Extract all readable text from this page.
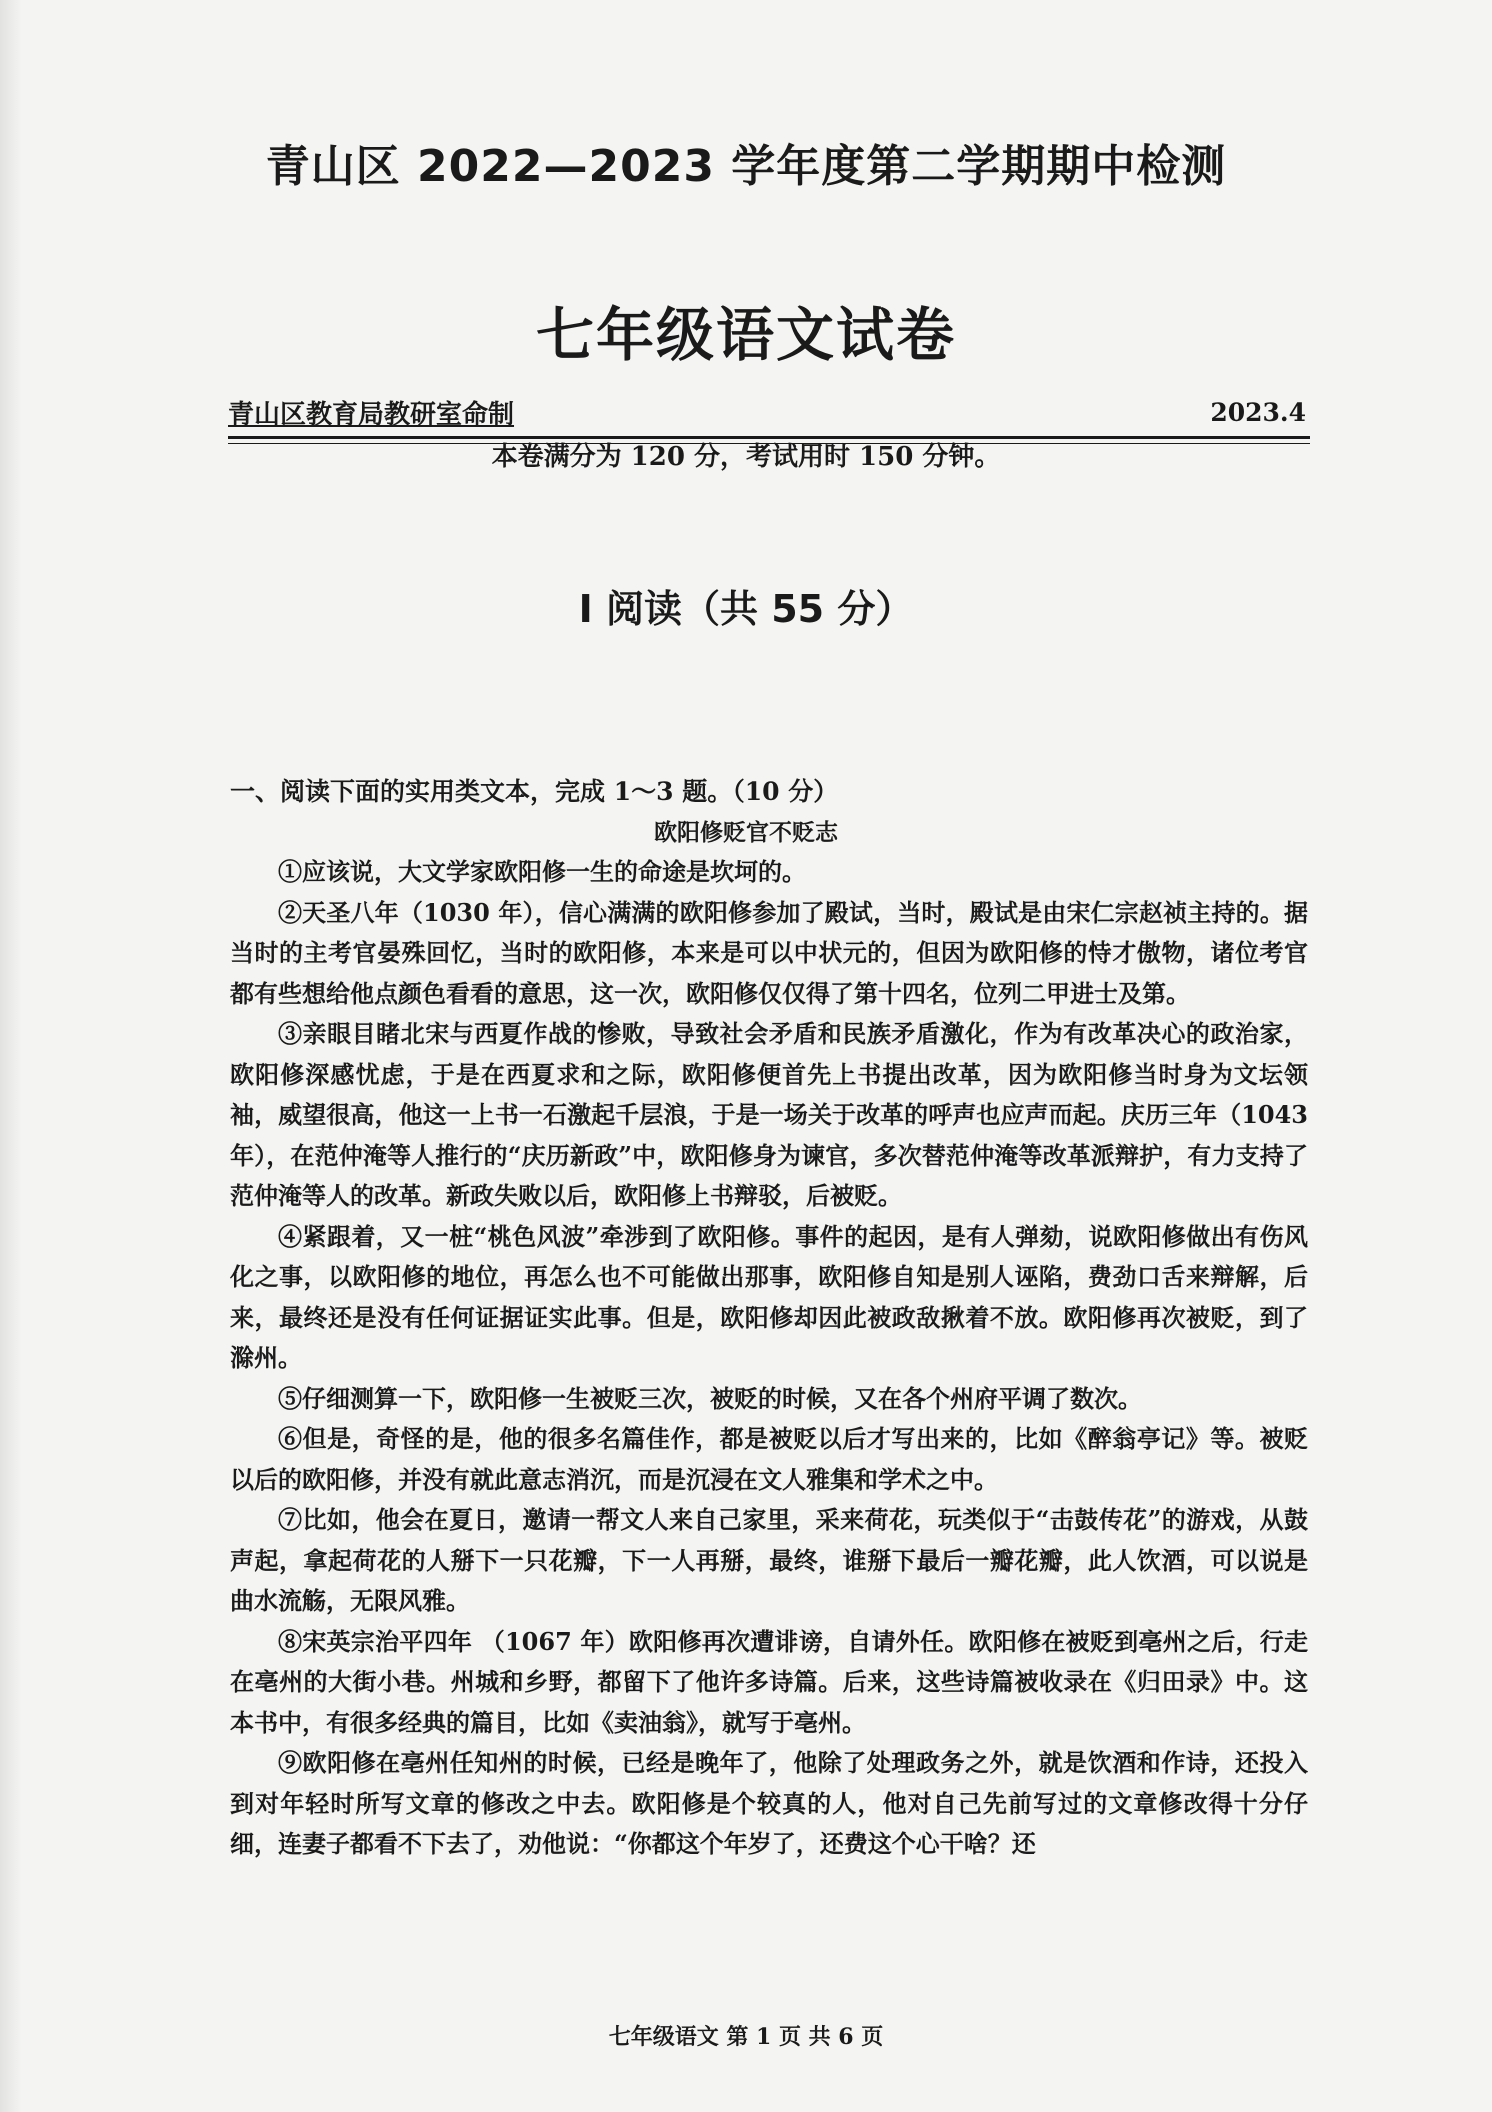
青山区 2022—2023 学年度第二学期期中检测
七年级语文试卷
青山区教育局教研室命制	2023.4
本卷满分为 120 分，考试用时 150 分钟。
I 阅读（共 55 分）
一、阅读下面的实用类文本，完成 1～3 题。（10 分）
欧阳修贬官不贬志

①应该说，大文学家欧阳修一生的命途是坎坷的。

②天圣八年（1030 年），信心满满的欧阳修参加了殿试，当时，殿试是由宋仁宗赵祯主持的。据当时的主考官晏殊回忆，当时的欧阳修，本来是可以中状元的，但因为欧阳修的恃才傲物，诸位考官都有些想给他点颜色看看的意思，这一次，欧阳修仅仅得了第十四名，位列二甲进士及第。

③亲眼目睹北宋与西夏作战的惨败，导致社会矛盾和民族矛盾激化，作为有改革决心的政治家，欧阳修深感忧虑，于是在西夏求和之际，欧阳修便首先上书提出改革，因为欧阳修当时身为文坛领袖，威望很高，他这一上书一石激起千层浪，于是一场关于改革的呼声也应声而起。庆历三年（1043 年），在范仲淹等人推行的“庆历新政”中，欧阳修身为谏官，多次替范仲淹等改革派辩护，有力支持了范仲淹等人的改革。新政失败以后，欧阳修上书辩驳，后被贬。

④紧跟着，又一桩“桃色风波”牵涉到了欧阳修。事件的起因，是有人弹劾，说欧阳修做出有伤风化之事，以欧阳修的地位，再怎么也不可能做出那事，欧阳修自知是别人诬陷，费劲口舌来辩解，后来，最终还是没有任何证据证实此事。但是，欧阳修却因此被政敌揪着不放。欧阳修再次被贬，到了滁州。

⑤仔细测算一下，欧阳修一生被贬三次，被贬的时候，又在各个州府平调了数次。

⑥但是，奇怪的是，他的很多名篇佳作，都是被贬以后才写出来的，比如《醉翁亭记》等。被贬以后的欧阳修，并没有就此意志消沉，而是沉浸在文人雅集和学术之中。

⑦比如，他会在夏日，邀请一帮文人来自己家里，采来荷花，玩类似于“击鼓传花”的游戏，从鼓声起，拿起荷花的人掰下一只花瓣，下一人再掰，最终，谁掰下最后一瓣花瓣，此人饮酒，可以说是曲水流觞，无限风雅。

⑧宋英宗治平四年 （1067 年）欧阳修再次遭诽谤，自请外任。欧阳修在被贬到亳州之后，行走在亳州的大街小巷。州城和乡野，都留下了他许多诗篇。后来，这些诗篇被收录在《归田录》中。这本书中，有很多经典的篇目，比如《卖油翁》，就写于亳州。

⑨欧阳修在亳州任知州的时候，已经是晚年了，他除了处理政务之外，就是饮酒和作诗，还投入到对年轻时所写文章的修改之中去。欧阳修是个较真的人，他对自己先前写过的文章修改得十分仔细，连妻子都看不下去了，劝他说：“你都这个年岁了，还费这个心干啥？还

七年级语文 第 1 页 共 6 页
